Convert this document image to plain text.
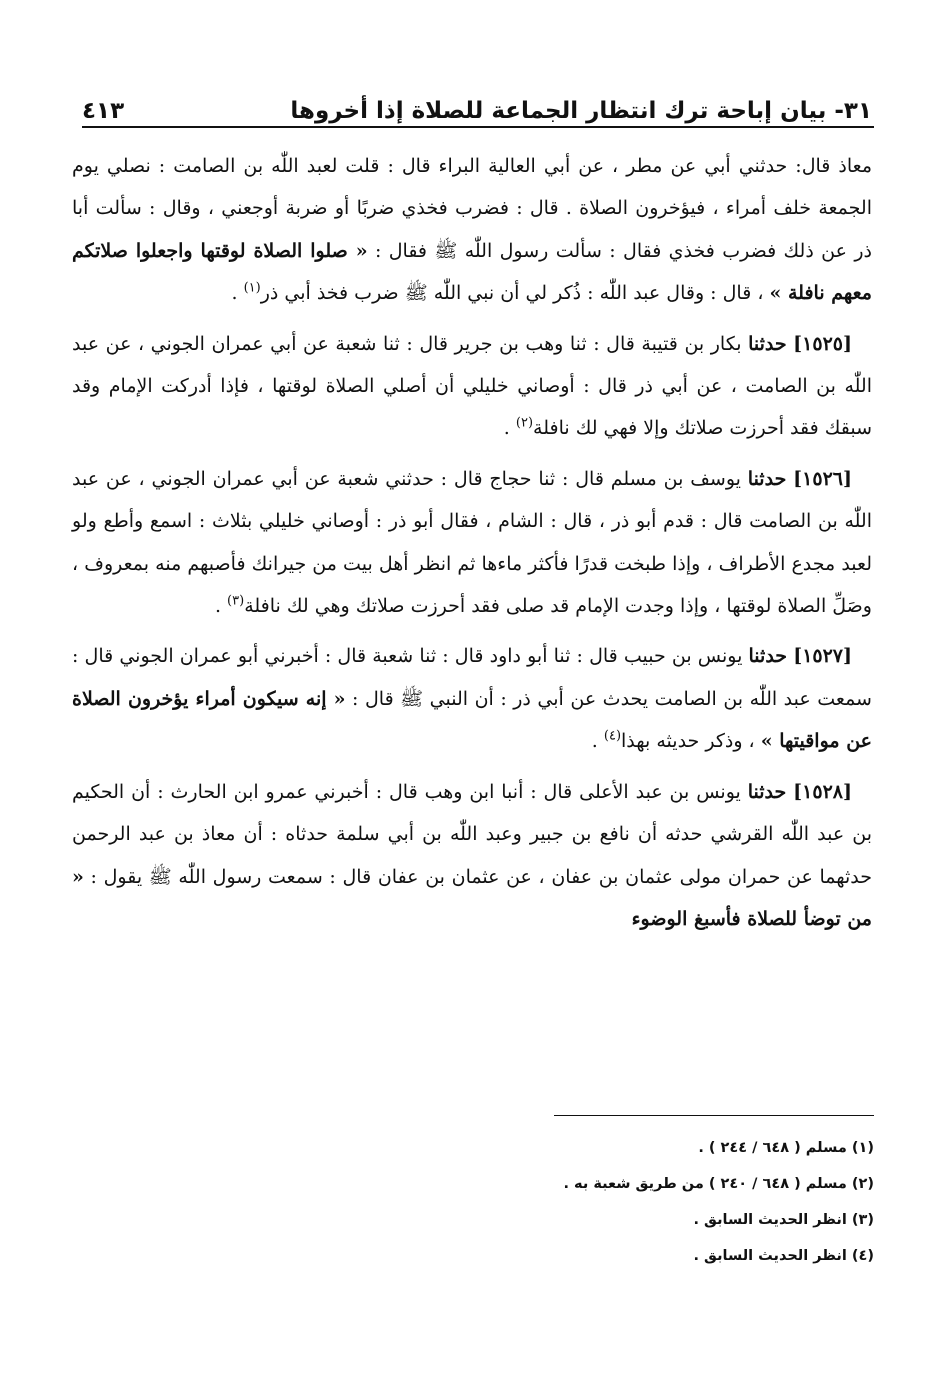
٣١- بيان إباحة ترك انتظار الجماعة للصلاة إذا أخروها
٤١٣

معاذ قال: حدثني أبي عن مطر ، عن أبي العالية البراء قال : قلت لعبد اللّٰه بن الصامت : نصلي يوم الجمعة خلف أمراء ، فيؤخرون الصلاة . قال : فضرب فخذي ضربًا أو ضربة أوجعني ، وقال : سألت أبا ذر عن ذلك فضرب فخذي فقال : سألت رسول اللّٰه ﷺ فقال : « صلوا الصلاة لوقتها واجعلوا صلاتكم معهم نافلة » ، قال : وقال عبد اللّٰه : ذُكر لي أن نبي اللّٰه ﷺ ضرب فخذ أبي ذر$^{(١)}$ .

[١٥٢٥] حدثنا بكار بن قتيبة قال : ثنا وهب بن جرير قال : ثنا شعبة عن أبي عمران الجوني ، عن عبد اللّٰه بن الصامت ، عن أبي ذر قال : أوصاني خليلي أن أصلي الصلاة لوقتها ، فإذا أدركت الإمام وقد سبقك فقد أحرزت صلاتك وإلا فهي لك نافلة$^{(٢)}$ .

[١٥٢٦] حدثنا يوسف بن مسلم قال : ثنا حجاج قال : حدثني شعبة عن أبي عمران الجوني ، عن عبد اللّٰه بن الصامت قال : قدم أبو ذر ، قال : الشام ، فقال أبو ذر : أوصاني خليلي بثلاث : اسمع وأطع ولو لعبد مجدع الأطراف ، وإذا طبخت قدرًا فأكثر ماءها ثم انظر أهل بيت من جيرانك فأصبهم منه بمعروف ، وصَلِّ الصلاة لوقتها ، وإذا وجدت الإمام قد صلى فقد أحرزت صلاتك وهي لك نافلة$^{(٣)}$ .

[١٥٢٧] حدثنا يونس بن حبيب قال : ثنا أبو داود قال : ثنا شعبة قال : أخبرني أبو عمران الجوني قال : سمعت عبد اللّٰه بن الصامت يحدث عن أبي ذر : أن النبي ﷺ قال : « إنه سيكون أمراء يؤخرون الصلاة عن مواقيتها » ، وذكر حديثه بهذا$^{(٤)}$ .

[١٥٢٨] حدثنا يونس بن عبد الأعلى قال : أنبا ابن وهب قال : أخبرني عمرو ابن الحارث : أن الحكيم بن عبد اللّٰه القرشي حدثه أن نافع بن جبير وعبد اللّٰه بن أبي سلمة حدثاه : أن معاذ بن عبد الرحمن حدثهما عن حمران مولى عثمان بن عفان ، عن عثمان بن عفان قال : سمعت رسول اللّٰه ﷺ يقول : « من توضأ للصلاة فأسبغ الوضوء

(١) مسلم ( ٦٤٨ / ٢٤٤ ) .

(٢) مسلم ( ٦٤٨ / ٢٤٠ ) من طريق شعبة به .

(٣) انظر الحديث السابق .

(٤) انظر الحديث السابق .
